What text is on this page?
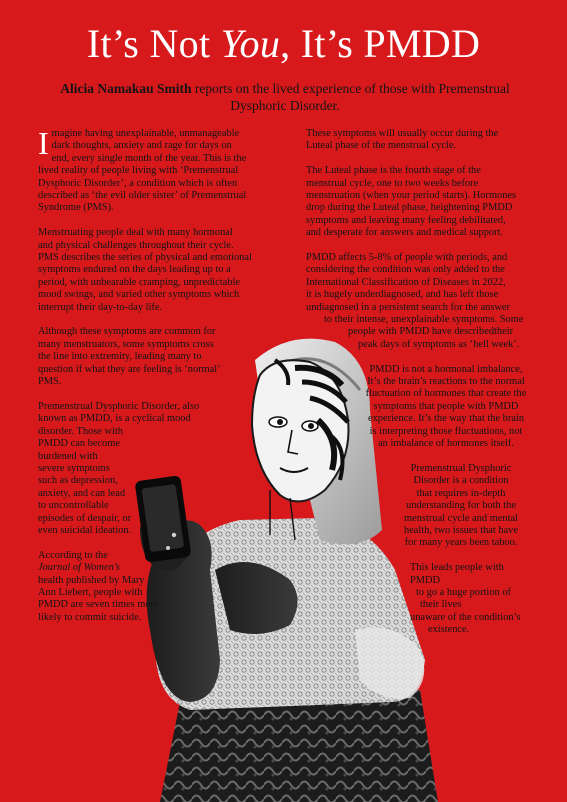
It’s Not You, It’s PMDD
Alicia Namakau Smith reports on the lived experience of those with Premenstrual Dysphoric Disorder.

I magine having unexplainable, unmanageable
dark thoughts, anxiety and rage for days on
end, every single month of the year. This is the
lived reality of people living with ‘Premenstrual
Dysphoric Disorder’, a condition which is often
described as ‘the evil older sister’ of Premenstrual
Syndrome (PMS).

Menstruating people deal with many hormonal
and physical challenges throughout their cycle.
PMS describes the series of physical and emotional
symptoms endured on the days leading up to a
period, with unbearable cramping, unpredictable
mood swings, and varied other symptoms which
interrupt their day-to-day life.

Although these symptoms are common for
many menstruators, some symptoms cross
the line into extremity, leading many to
question if what they are feeling is ‘normal’
PMS.

Premenstrual Dysphoric Disorder, also
known as PMDD, is a cyclical mood
disorder. Those with
PMDD can become
burdened with
severe symptoms
such as depression,
anxiety, and can lead
to uncontrollable
episodes of despair, or
even suicidal ideation.

According to the
Journal of Women’s
health published by Mary
Ann Liebert, people with
PMDD are seven times more
likely to commit suicide.

These symptoms will usually occur during the
Luteal phase of the menstrual cycle.

The Luteal phase is the fourth stage of the
menstrual cycle, one to two weeks before
menstruation (when your period starts). Hormones
drop during the Luteal phase, heightening PMDD
symptoms and leaving many feeling debilitated,
and desperate for answers and medical support.

PMDD affects 5-8% of people with periods, and
considering the condition was only added to the
International Classification of Diseases in 2022,
it is hugely underdiagnosed, and has left those
undiagnosed in a persistent search for the answer
to their intense, unexplainable symptoms. Some
people with PMDD have describedtheir
peak days of symptoms as ‘hell week’.

PMDD is not a hormonal imbalance,
It’s the brain’s reactions to the normal
fluctuation of hormones that create the
symptoms that people with PMDD
experience. It’s the way that the brain
is interpreting those fluctuations, not
an imbalance of hormones itself.

Premenstrual Dysphoric
Disorder is a condition
that requires in-depth
understanding for both the
menstrual cycle and mental
health, two issues that have
for many years been taboo.

This leads people with
PMDD
to go a huge portion of
their lives
unaware of the condition’s
existence.
